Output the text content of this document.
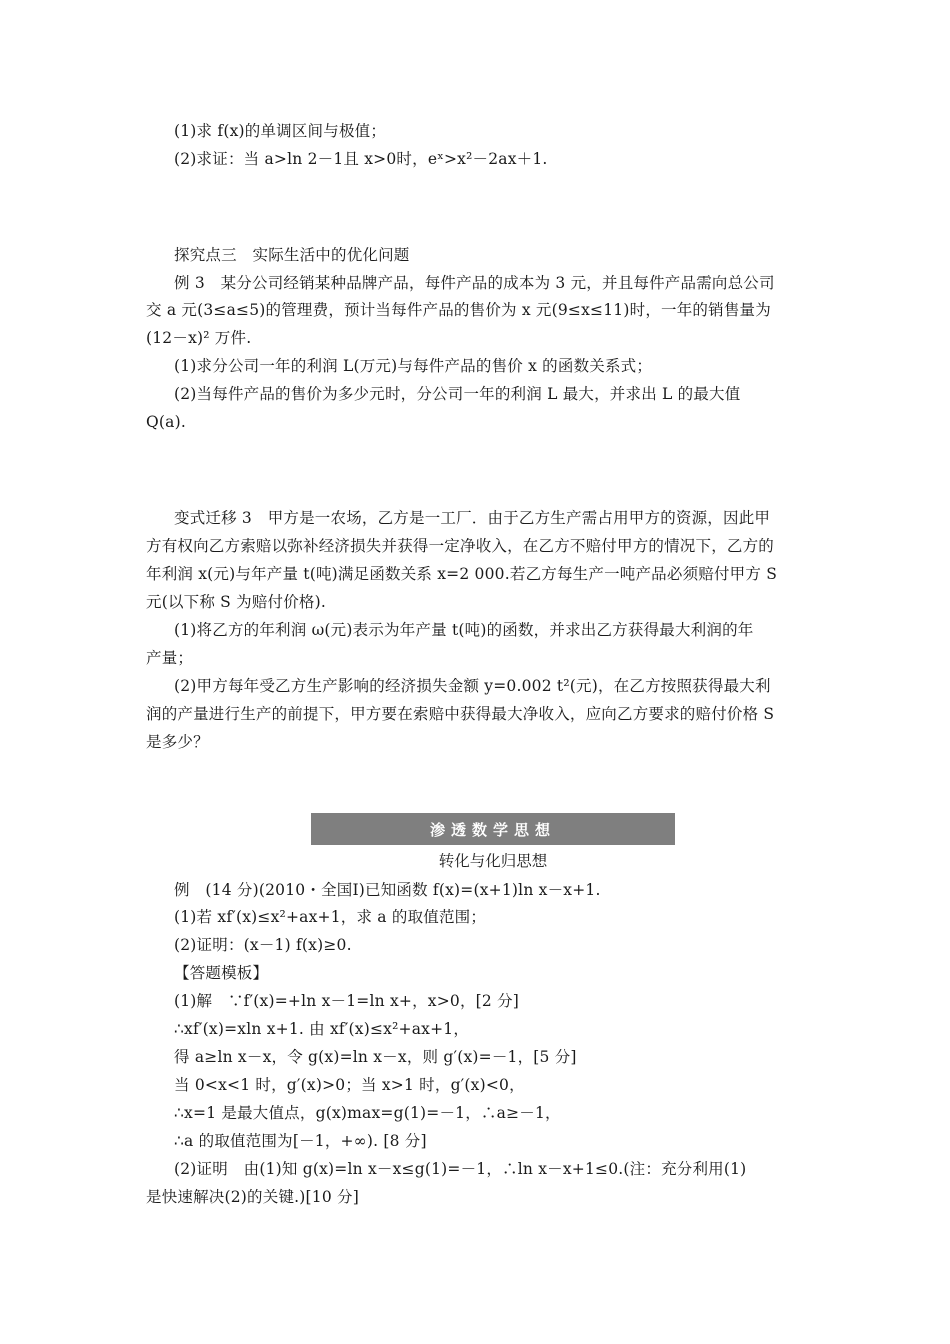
(1)求 f(x)的单调区间与极值；
(2)求证：当 a>ln 2－1且 x>0时，eˣ>x²－2ax＋1.
探究点三　实际生活中的优化问题
例 3　某分公司经销某种品牌产品，每件产品的成本为 3 元，并且每件产品需向总公司
交 a 元(3≤a≤5)的管理费，预计当每件产品的售价为 x 元(9≤x≤11)时，一年的销售量为
(12－x)² 万件.
(1)求分公司一年的利润 L(万元)与每件产品的售价 x 的函数关系式；
(2)当每件产品的售价为多少元时，分公司一年的利润 L 最大，并求出 L 的最大值
Q(a).
变式迁移 3　甲方是一农场，乙方是一工厂．由于乙方生产需占用甲方的资源，因此甲
方有权向乙方索赔以弥补经济损失并获得一定净收入，在乙方不赔付甲方的情况下，乙方的
年利润 x(元)与年产量 t(吨)满足函数关系 x=2 000.若乙方每生产一吨产品必须赔付甲方 S
元(以下称 S 为赔付价格).
(1)将乙方的年利润 ω(元)表示为年产量 t(吨)的函数，并求出乙方获得最大利润的年
产量；
(2)甲方每年受乙方生产影响的经济损失金额 y=0.002 t²(元)，在乙方按照获得最大利
润的产量进行生产的前提下，甲方要在索赔中获得最大净收入，应向乙方要求的赔付价格 S
是多少？
渗透数学思想
转化与化归思想
例　(14 分)(2010・全国Ⅰ)已知函数 f(x)=(x+1)ln x－x+1.
(1)若 xf′(x)≤x²+ax+1，求 a 的取值范围；
(2)证明：(x－1) f(x)≥0.
【答题模板】
(1)解　∵f′(x)=+ln x－1=ln x+，x>0，[2 分]
∴xf′(x)=xln x+1. 由 xf′(x)≤x²+ax+1，
得 a≥ln x－x，令 g(x)=ln x－x，则 g′(x)=－1，[5 分]
当 0<x<1 时，g′(x)>0；当 x>1 时，g′(x)<0，
∴x=1 是最大值点，g(x)max=g(1)=－1，∴a≥－1，
∴a 的取值范围为[－1，+∞). [8 分]
(2)证明　由(1)知 g(x)=ln x－x≤g(1)=－1，∴ln x－x+1≤0.(注：充分利用(1)
是快速解决(2)的关键.)[10 分]
